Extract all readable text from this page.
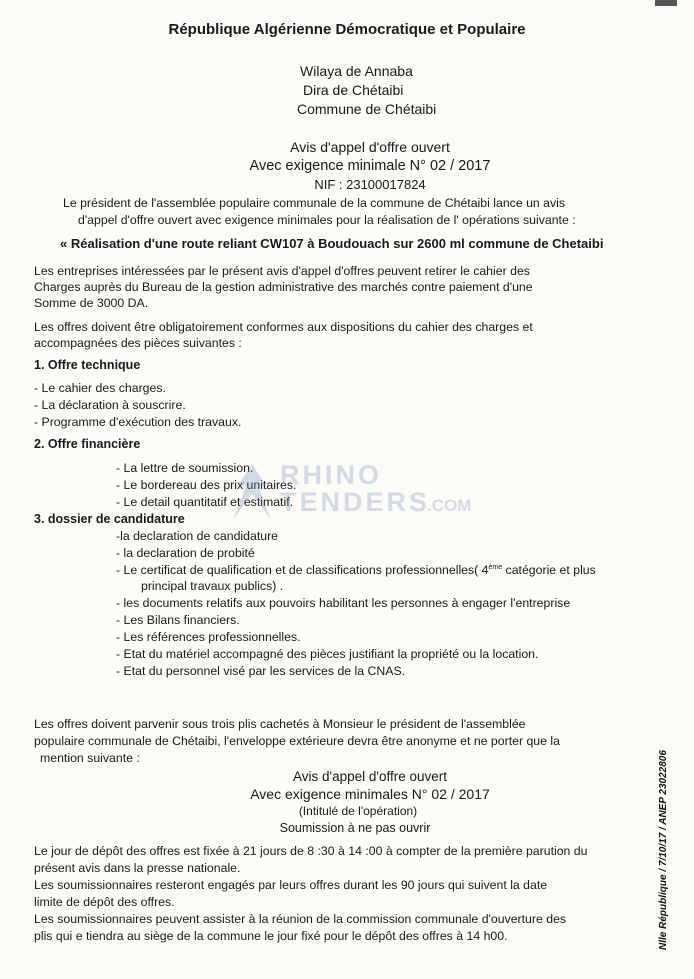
République Algérienne Démocratique et Populaire
Wilaya de Annaba
Dira de Chétaibi
Commune de Chétaibi
Avis d'appel d'offre ouvert
Avec exigence minimale N° 02 / 2017
NIF : 23100017824
Le président de l'assemblée populaire communale de la commune de Chétaibi lance un avis
d'appel d'offre ouvert avec exigence minimales pour la réalisation de l' opérations suivante :
« Réalisation d'une route reliant CW107 à Boudouach sur 2600 ml commune de Chetaibi
Les entreprises intéressées par le présent avis d'appel d'offres peuvent retirer le cahier des
Charges auprès du Bureau de la gestion administrative des marchés contre paiement d'une
Somme de 3000 DA.
Les offres doivent être obligatoirement conformes aux dispositions du cahier des charges et
accompagnées des pièces suivantes :
1. Offre technique
- Le cahier des charges.
- La déclaration à souscrire.
- Programme d'exécution des travaux.
2. Offre financière
- La lettre de soumission.
- Le bordereau des prix unitaires.
- Le detail quantitatif et estimatif.
3. dossier de candidature
-la declaration de candidature
- la declaration de probité
- Le certificat de qualification et de classifications professionnelles( 4ème catégorie et plus
principal travaux publics) .
- les documents relatifs aux pouvoirs habilitant les personnes à engager l'entreprise
- Les Bilans financiers.
- Les références professionnelles.
- Etat du matériel accompagné des pièces justifiant la propriété ou la location.
- Etat du personnel visé par les services de la CNAS.
Les offres doivent parvenir sous trois plis cachetés à Monsieur le président de l'assemblée
populaire communale de Chétaibi, l'enveloppe extérieure devra être anonyme et ne porter que la
mention suivante :
Avis d'appel d'offre ouvert
Avec exigence minimales N° 02 / 2017
(Intitulé de l'opération)
Soumission à ne pas ouvrir
Le jour de dépôt des offres est fixée à 21 jours de 8 :30 à 14 :00 à compter de la première parution du
présent avis dans la presse nationale.
Les soumissionnaires resteront engagés par leurs offres durant les 90 jours qui suivent la date
limite de dépôt des offres.
Les soumissionnaires peuvent assister à la réunion de la commission communale d'ouverture des
plis qui e tiendra au siège de la commune le jour fixé pour le dépôt des offres à 14 h00.	Nlle République / 7/10/17 / ANEP 23022806
RHINO
TENDERS
.COM
